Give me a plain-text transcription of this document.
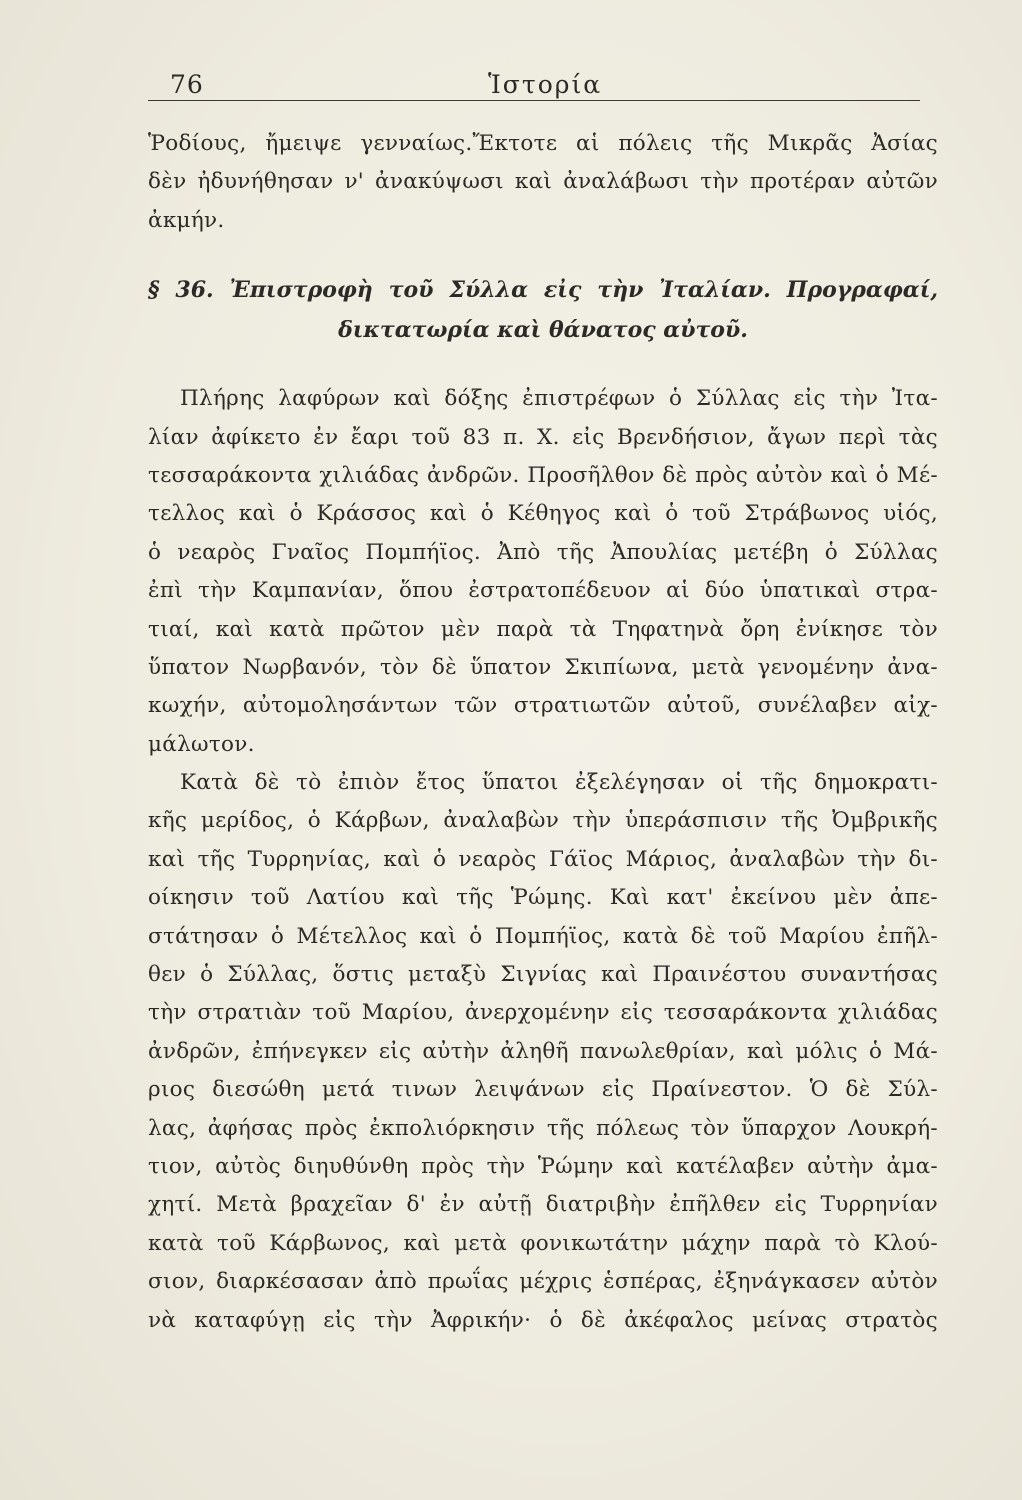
76	Ἱστορία
Ῥοδίους, ἤμειψε γενναίως.Ἔκτοτε αἱ πόλεις τῆς Μικρᾶς Ἀσίας
δὲν ἠδυνήθησαν ν' ἀνακύψωσι καὶ ἀναλάβωσι τὴν προτέραν αὐτῶν
ἀκμήν.
§ 36. Ἐπιστροφὴ τοῦ Σύλλα εἰς τὴν Ἰταλίαν. Προγραφαί,
δικτατωρία καὶ θάνατος αὐτοῦ.
Πλήρης λαφύρων καὶ δόξης ἐπιστρέφων ὁ Σύλλας εἰς τὴν Ἰτα-
λίαν ἀφίκετο ἐν ἔαρι τοῦ 83 π. Χ. εἰς Βρενδήσιον, ἄγων περὶ τὰς
τεσσαράκοντα χιλιάδας ἀνδρῶν. Προσῆλθον δὲ πρὸς αὐτὸν καὶ ὁ Μέ-
τελλος καὶ ὁ Κράσσος καὶ ὁ Κέθηγος καὶ ὁ τοῦ Στράβωνος υἱός,
ὁ νεαρὸς Γναῖος Πομπήϊος. Ἀπὸ τῆς Ἀπουλίας μετέβη ὁ Σύλλας
ἐπὶ τὴν Καμπανίαν, ὅπου ἐστρατοπέδευον αἱ δύο ὑπατικαὶ στρα-
τιαί, καὶ κατὰ πρῶτον μὲν παρὰ τὰ Τηφατηνὰ ὄρη ἐνίκησε τὸν
ὕπατον Νωρβανόν, τὸν δὲ ὕπατον Σκιπίωνα, μετὰ γενομένην ἀνα-
κωχήν, αὐτομολησάντων τῶν στρατιωτῶν αὐτοῦ, συνέλαβεν αἰχ-
μάλωτον.
Κατὰ δὲ τὸ ἐπιὸν ἔτος ὕπατοι ἐξελέγησαν οἱ τῆς δημοκρατι-
κῆς μερίδος, ὁ Κάρβων, ἀναλαβὼν τὴν ὑπεράσπισιν τῆς Ὀμβρικῆς
καὶ τῆς Τυρρηνίας, καὶ ὁ νεαρὸς Γάϊος Μάριος, ἀναλαβὼν τὴν δι-
οίκησιν τοῦ Λατίου καὶ τῆς Ῥώμης. Καὶ κατ' ἐκείνου μὲν ἀπε-
στάτησαν ὁ Μέτελλος καὶ ὁ Πομπήϊος, κατὰ δὲ τοῦ Μαρίου ἐπῆλ-
θεν ὁ Σύλλας, ὅστις μεταξὺ Σιγνίας καὶ Πραινέστου συναντήσας
τὴν στρατιὰν τοῦ Μαρίου, ἀνερχομένην εἰς τεσσαράκοντα χιλιάδας
ἀνδρῶν, ἐπήνεγκεν εἰς αὐτὴν ἀληθῆ πανωλεθρίαν, καὶ μόλις ὁ Μά-
ριος διεσώθη μετά τινων λειψάνων εἰς Πραίνεστον. Ὁ δὲ Σύλ-
λας, ἀφήσας πρὸς ἐκπολιόρκησιν τῆς πόλεως τὸν ὕπαρχον Λουκρή-
τιον, αὐτὸς διηυθύνθη πρὸς τὴν Ῥώμην καὶ κατέλαβεν αὐτὴν ἀμα-
χητί. Μετὰ βραχεῖαν δ' ἐν αὐτῇ διατριβὴν ἐπῆλθεν εἰς Τυρρηνίαν
κατὰ τοῦ Κάρβωνος, καὶ μετὰ φονικωτάτην μάχην παρὰ τὸ Κλού-
σιον, διαρκέσασαν ἀπὸ πρωΐας μέχρις ἑσπέρας, ἐξηνάγκασεν αὐτὸν
νὰ καταφύγῃ εἰς τὴν Ἀφρικήν· ὁ δὲ ἀκέφαλος μείνας στρατὸς
